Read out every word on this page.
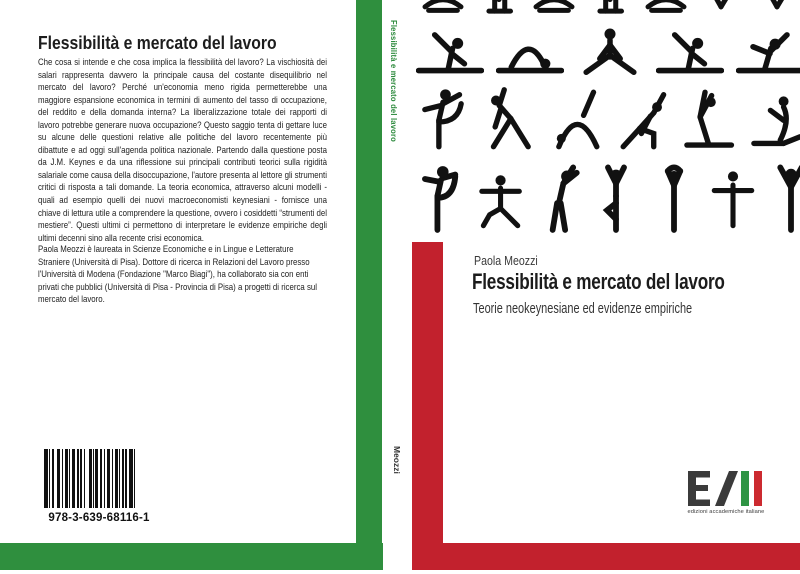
Flessibilità e mercato del lavoro
Che cosa si intende e che cosa implica la flessibilità del lavoro? La vischiosità dei salari rappresenta davvero la principale causa del costante disequilibrio nel mercato del lavoro? Perché un'economia meno rigida permetterebbe una maggiore espansione economica in termini di aumento del tasso di occupazione, del reddito e della domanda interna? La liberalizzazione totale dei rapporti di lavoro potrebbe generare nuova occupazione? Questo saggio tenta di gettare luce su alcune delle questioni relative alle politiche del lavoro recentemente più dibattute e ad oggi sull'agenda politica nazionale. Partendo dalla questione posta da J.M. Keynes e da una riflessione sui principali contributi teorici sulla rigidità salariale come causa della disoccupazione, l'autore presenta al lettore gli strumenti critici di risposta a tali domande. La teoria economica, attraverso alcuni modelli - quali ad esempio quelli dei nuovi macroeconomisti keynesiani - fornisce una chiave di lettura utile a comprendere la questione, ovvero i cosiddetti “strumenti del mestiere”. Questi ultimi ci permettono di interpretare le evidenze empiriche degli ultimi decenni sino alla recente crisi economica.
Paola Meozzi è laureata in Scienze Economiche e in Lingue e Letterature Straniere (Università di Pisa). Dottore di ricerca in Relazioni del Lavoro presso l'Università di Modena (Fondazione "Marco Biagi"), ha collaborato sia con enti privati che pubblici (Università di Pisa - Provincia di Pisa) a progetti di ricerca sul mercato del lavoro.
978-3-639-68116-1
Flessibilità e mercato del lavoro
Meozzi
Paola Meozzi
Flessibilità e mercato del lavoro
Teorie neokeynesiane ed evidenze empiriche
edizioni accademiche italiane
